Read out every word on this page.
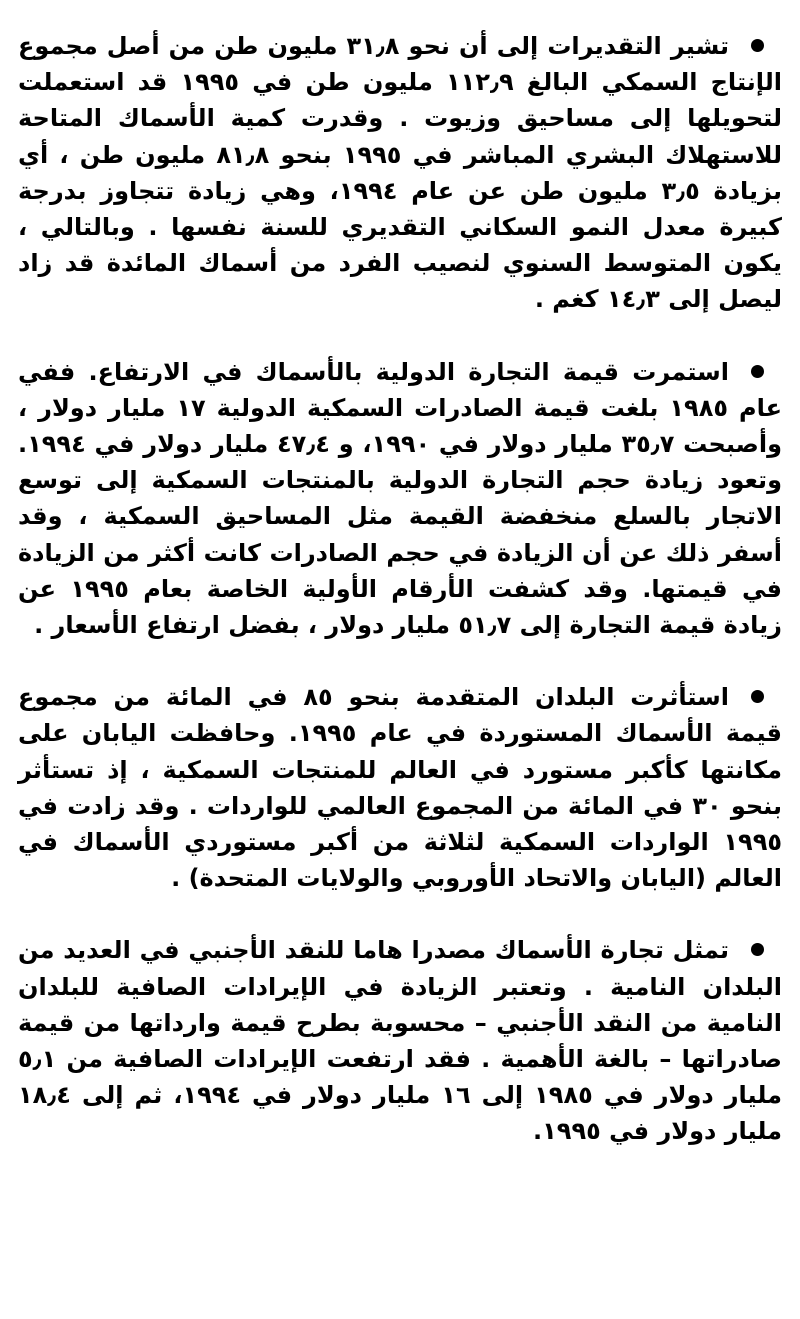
تشير التقديرات إلى أن نحو ٣١٫٨ مليون طن من أصل مجموع الإنتاج السمكي البالغ ١١٢٫٩ مليون طن في ١٩٩٥ قد استعملت لتحويلها إلى مساحيق وزيوت . وقدرت كمية الأسماك المتاحة للاستهلاك البشري المباشر في ١٩٩٥ بنحو ٨١٫٨ مليون طن ، أي بزيادة ٣٫٥ مليون طن عن عام ١٩٩٤، وهي زيادة تتجاوز بدرجة كبيرة معدل النمو السكاني التقديري للسنة نفسها . وبالتالي ، يكون المتوسط السنوي لنصيب الفرد من أسماك المائدة قد زاد ليصل إلى ١٤٫٣ كغم .
استمرت قيمة التجارة الدولية بالأسماك في الارتفاع. ففي عام ١٩٨٥ بلغت قيمة الصادرات السمكية الدولية ١٧ مليار دولار ، وأصبحت ٣٥٫٧ مليار دولار في ١٩٩٠، و ٤٧٫٤ مليار دولار في ١٩٩٤. وتعود زيادة حجم التجارة الدولية بالمنتجات السمكية إلى توسع الاتجار بالسلع منخفضة القيمة مثل المساحيق السمكية ، وقد أسفر ذلك عن أن الزيادة في حجم الصادرات كانت أكثر من الزيادة في قيمتها. وقد كشفت الأرقام الأولية الخاصة بعام ١٩٩٥ عن زيادة قيمة التجارة إلى ٥١٫٧ مليار دولار ، بفضل ارتفاع الأسعار .
استأثرت البلدان المتقدمة بنحو ٨٥ في المائة من مجموع قيمة الأسماك المستوردة في عام ١٩٩٥. وحافظت اليابان على مكانتها كأكبر مستورد في العالم للمنتجات السمكية ، إذ تستأثر بنحو ٣٠ في المائة من المجموع العالمي للواردات . وقد زادت في ١٩٩٥ الواردات السمكية لثلاثة من أكبر مستوردي الأسماك في العالم (اليابان والاتحاد الأوروبي والولايات المتحدة) .
تمثل تجارة الأسماك مصدرا هاما للنقد الأجنبي في العديد من البلدان النامية . وتعتبر الزيادة في الإيرادات الصافية للبلدان النامية من النقد الأجنبي – محسوبة بطرح قيمة وارداتها من قيمة صادراتها – بالغة الأهمية . فقد ارتفعت الإيرادات الصافية من ٥٫١ مليار دولار في ١٩٨٥ إلى ١٦ مليار دولار في ١٩٩٤، ثم إلى ١٨٫٤ مليار دولار في ١٩٩٥.
